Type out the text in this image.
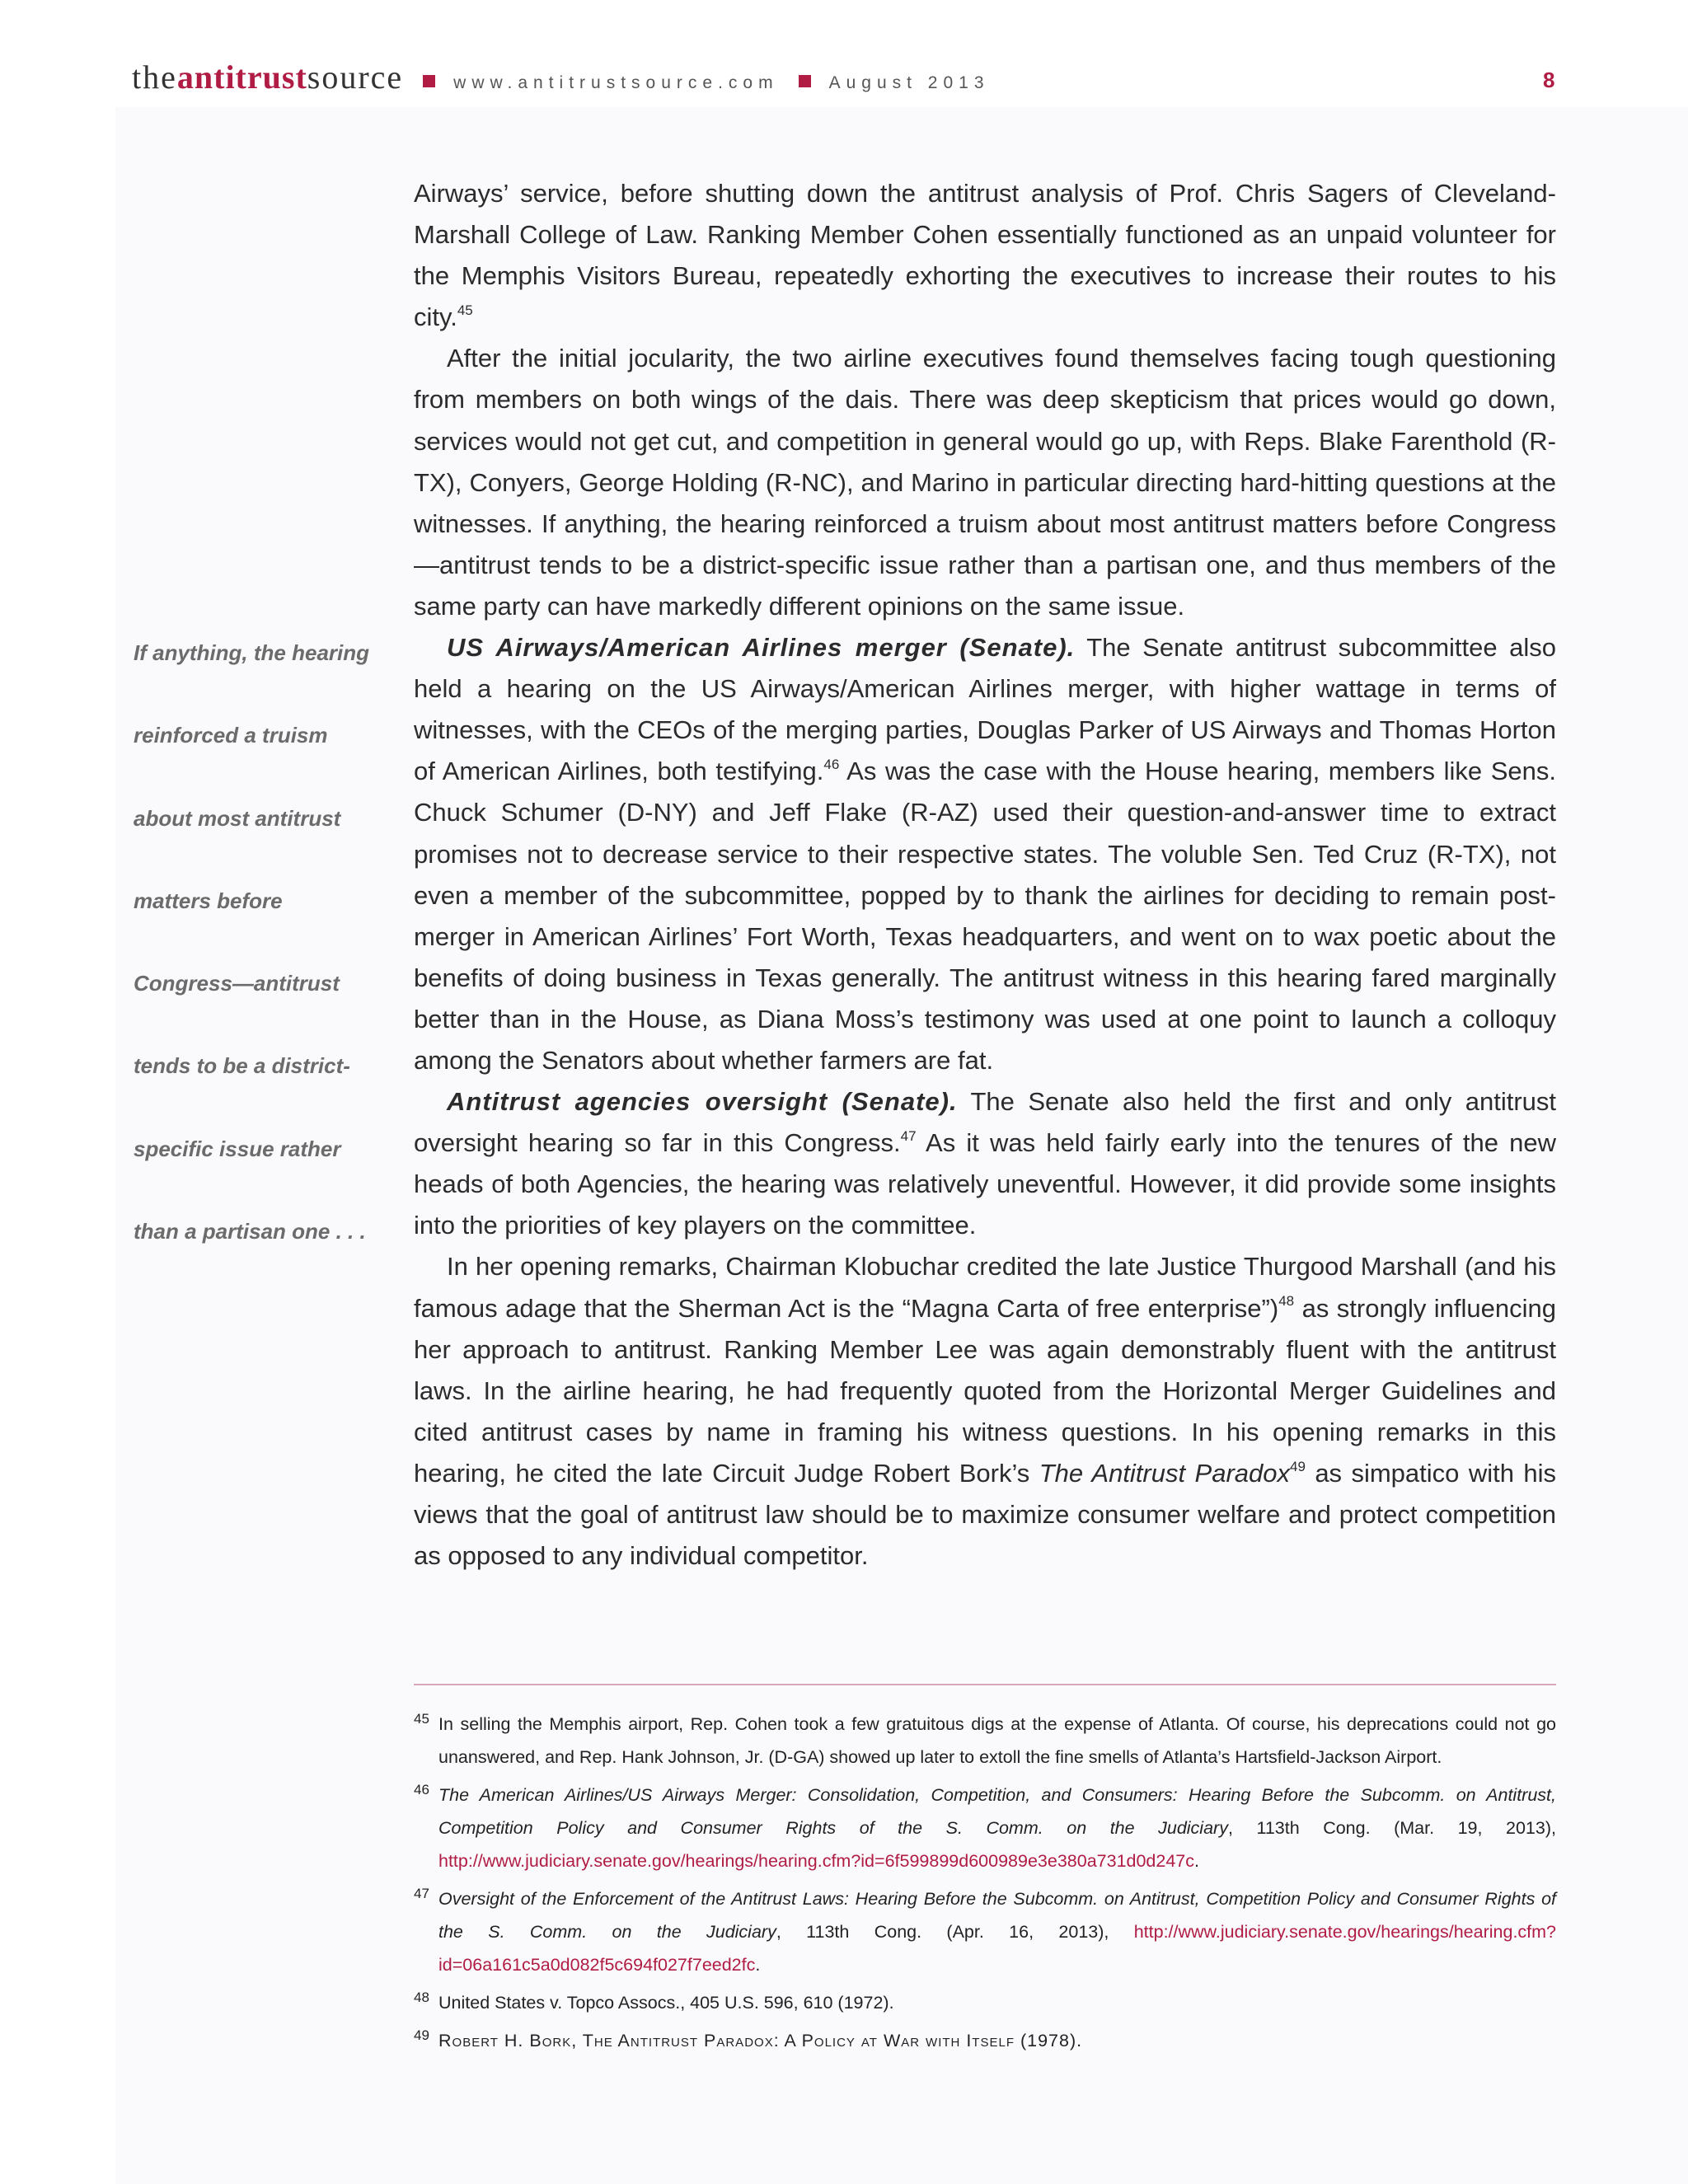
theantitrustsource	www.antitrustsource.com	August 2013	8
If anything, the hearing
reinforced a truism
about most antitrust
matters before
Congress—antitrust
tends to be a district-
specific issue rather
than a partisan one . . .

Airways’ service, before shutting down the antitrust analysis of Prof. Chris Sagers of Cleveland-Marshall College of Law. Ranking Member Cohen essentially functioned as an unpaid volunteer for the Memphis Visitors Bureau, repeatedly exhorting the executives to increase their routes to his city.$^{45}$

After the initial jocularity, the two airline executives found themselves facing tough questioning from members on both wings of the dais. There was deep skepticism that prices would go down, services would not get cut, and competition in general would go up, with Reps. Blake Farenthold (R-TX), Conyers, George Holding (R-NC), and Marino in particular directing hard-hitting questions at the witnesses. If anything, the hearing reinforced a truism about most antitrust matters before Congress—antitrust tends to be a district-specific issue rather than a partisan one, and thus members of the same party can have markedly different opinions on the same issue.

US Airways/American Airlines merger (Senate). The Senate antitrust subcommittee also held a hearing on the US Airways/American Airlines merger, with higher wattage in terms of witnesses, with the CEOs of the merging parties, Douglas Parker of US Airways and Thomas Horton of American Airlines, both testifying.$^{46}$ As was the case with the House hearing, members like Sens. Chuck Schumer (D-NY) and Jeff Flake (R-AZ) used their question-and-answer time to extract promises not to decrease service to their respective states. The voluble Sen. Ted Cruz (R-TX), not even a member of the subcommittee, popped by to thank the airlines for deciding to remain post-merger in American Airlines’ Fort Worth, Texas headquarters, and went on to wax poetic about the benefits of doing business in Texas generally. The antitrust witness in this hearing fared marginally better than in the House, as Diana Moss’s testimony was used at one point to launch a colloquy among the Senators about whether farmers are fat.

Antitrust agencies oversight (Senate). The Senate also held the first and only antitrust oversight hearing so far in this Congress.$^{47}$ As it was held fairly early into the tenures of the new heads of both Agencies, the hearing was relatively uneventful. However, it did provide some insights into the priorities of key players on the committee.

In her opening remarks, Chairman Klobuchar credited the late Justice Thurgood Marshall (and his famous adage that the Sherman Act is the “Magna Carta of free enterprise”)$^{48}$ as strongly influencing her approach to antitrust. Ranking Member Lee was again demonstrably fluent with the antitrust laws. In the airline hearing, he had frequently quoted from the Horizontal Merger Guidelines and cited antitrust cases by name in framing his witness questions. In his opening remarks in this hearing, he cited the late Circuit Judge Robert Bork’s The Antitrust Paradox$^{49}$ as simpatico with his views that the goal of antitrust law should be to maximize consumer welfare and protect competition as opposed to any individual competitor.

45 In selling the Memphis airport, Rep. Cohen took a few gratuitous digs at the expense of Atlanta. Of course, his deprecations could not go unanswered, and Rep. Hank Johnson, Jr. (D-GA) showed up later to extoll the fine smells of Atlanta’s Hartsfield-Jackson Airport.
46 The American Airlines/US Airways Merger: Consolidation, Competition, and Consumers: Hearing Before the Subcomm. on Antitrust, Competition Policy and Consumer Rights of the S. Comm. on the Judiciary, 113th Cong. (Mar. 19, 2013), http://www.judiciary.senate.gov/hearings/hearing.cfm?id=6f599899d600989e3e380a731d0d247c.
47 Oversight of the Enforcement of the Antitrust Laws: Hearing Before the Subcomm. on Antitrust, Competition Policy and Consumer Rights of the S. Comm. on the Judiciary, 113th Cong. (Apr. 16, 2013), http://www.judiciary.senate.gov/hearings/hearing.cfm?id=06a161c5a0d082f5c694f027f7eed2fc.
48 United States v. Topco Assocs., 405 U.S. 596, 610 (1972).
49 Robert H. Bork, The Antitrust Paradox: A Policy at War with Itself (1978).
